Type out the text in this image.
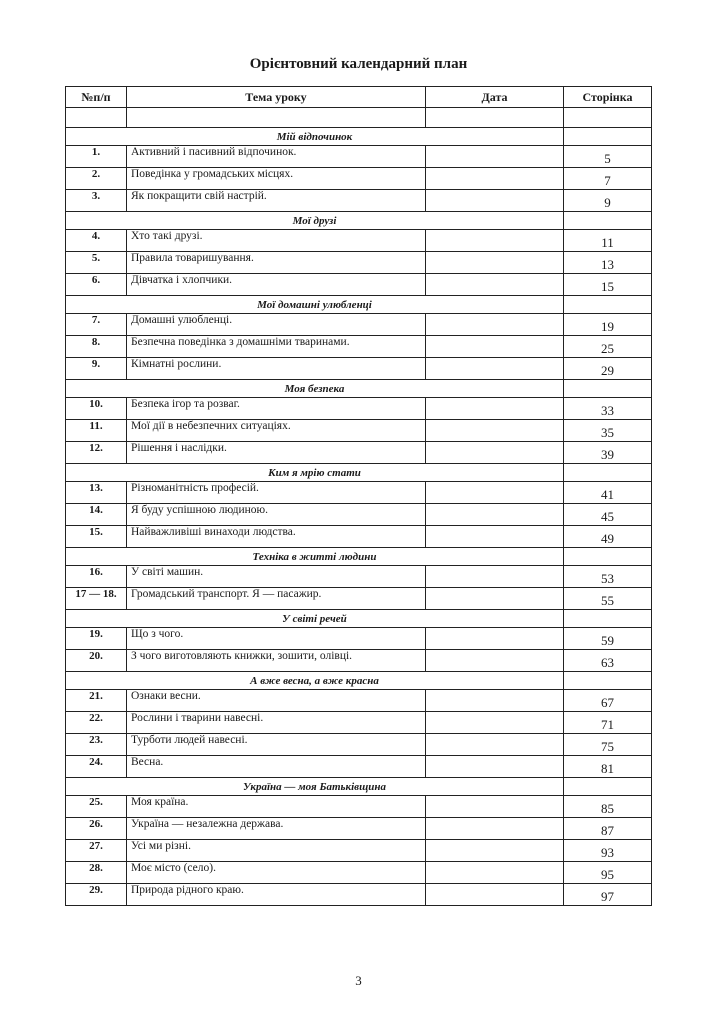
Орієнтовний календарний план
№п/п	Тема уроку	Дата	Сторінка

Мій відпочинок			
1.	Активний і пасивний відпочинок.		5
2.	Поведінка у громадських місцях.		7
3.	Як покращити свій настрій.		9
Мої друзі			
4.	Хто такі друзі.		11
5.	Правила товаришування.		13
6.	Дівчатка і хлопчики.		15
Мої домашні улюбленці			
7.	Домашні улюбленці.		19
8.	Безпечна поведінка з домашніми тваринами.		25
9.	Кімнатні рослини.		29
Моя безпека			
10.	Безпека ігор та розваг.		33
11.	Мої дії в небезпечних ситуаціях.		35
12.	Рішення і наслідки.		39
Ким я мрію стати			
13.	Різноманітність професій.		41
14.	Я буду успішною людиною.		45
15.	Найважливіші винаходи людства.		49
Техніка в житті людини			
16.	У світі машин.		53
17 — 18.	Громадський транспорт. Я — пасажир.		55
У світі речей			
19.	Що з чого.		59
20.	З чого виготовляють книжки, зошити, олівці.		63
А вже весна, а вже красна			
21.	Ознаки весни.		67
22.	Рослини і тварини навесні.		71
23.	Турботи людей навесні.		75
24.	Весна.		81
Україна — моя Батьківщина			
25.	Моя країна.		85
26.	Україна — незалежна держава.		87
27.	Усі ми різні.		93
28.	Моє місто (село).		95
29.	Природа рідного краю.		97
3
